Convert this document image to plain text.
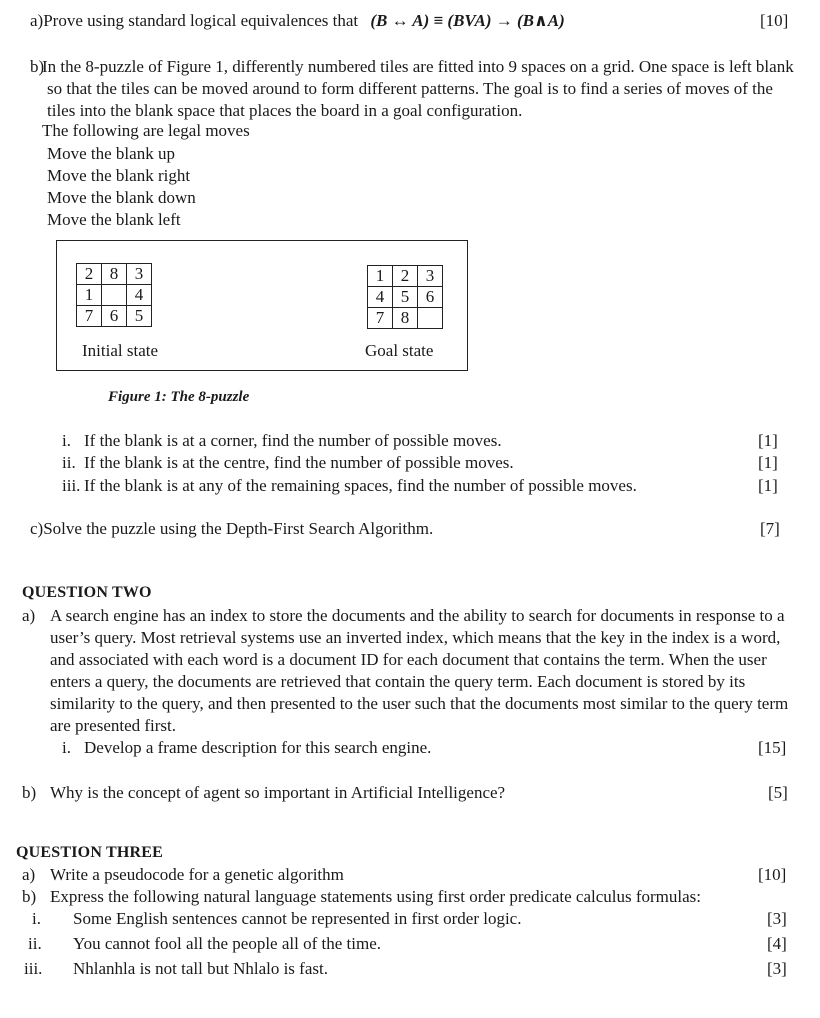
a)Prove using standard logical equivalences that (B ↔ A) ≡ (BVA) → (B∧A)	[10]
b)
In the 8-puzzle of Figure 1, differently numbered tiles are fitted into 9 spaces on a grid. One space is left blank so that the tiles can be moved around to form different patterns. The goal is to find a series of moves of the tiles into the blank space that places the board in a goal configuration.
The following are legal moves
Move the blank up
Move the blank right
Move the blank down
Move the blank left
2	8	3
1		4
7	6	5
Initial state
1	2	3
4	5	6
7	8	
Goal state
Figure 1: The 8-puzzle
i. If the blank is at a corner, find the number of possible moves.	[1]
ii. If the blank is at the centre, find the number of possible moves.	[1]
iii. If the blank is at any of the remaining spaces, find the number of possible moves.	[1]
c)Solve the puzzle using the Depth-First Search Algorithm.	[7]
QUESTION TWO
a) A search engine has an index to store the documents and the ability to search for documents in response to a user’s query. Most retrieval systems use an inverted index, which means that the key in the index is a word, and associated with each word is a document ID for each document that contains the term. When the user enters a query, the documents are retrieved that contain the query term. Each document is stored by its similarity to the query, and then presented to the user such that the documents most similar to the query term are presented first.
i. Develop a frame description for this search engine.	[15]
b) Why is the concept of agent so important in Artificial Intelligence?	[5]
QUESTION THREE
a) Write a pseudocode for a genetic algorithm	[10]
b) Express the following natural language statements using first order predicate calculus formulas:
i. Some English sentences cannot be represented in first order logic.	[3]
ii. You cannot fool all the people all of the time.	[4]
iii. Nhlanhla is not tall but Nhlalo is fast.	[3]
